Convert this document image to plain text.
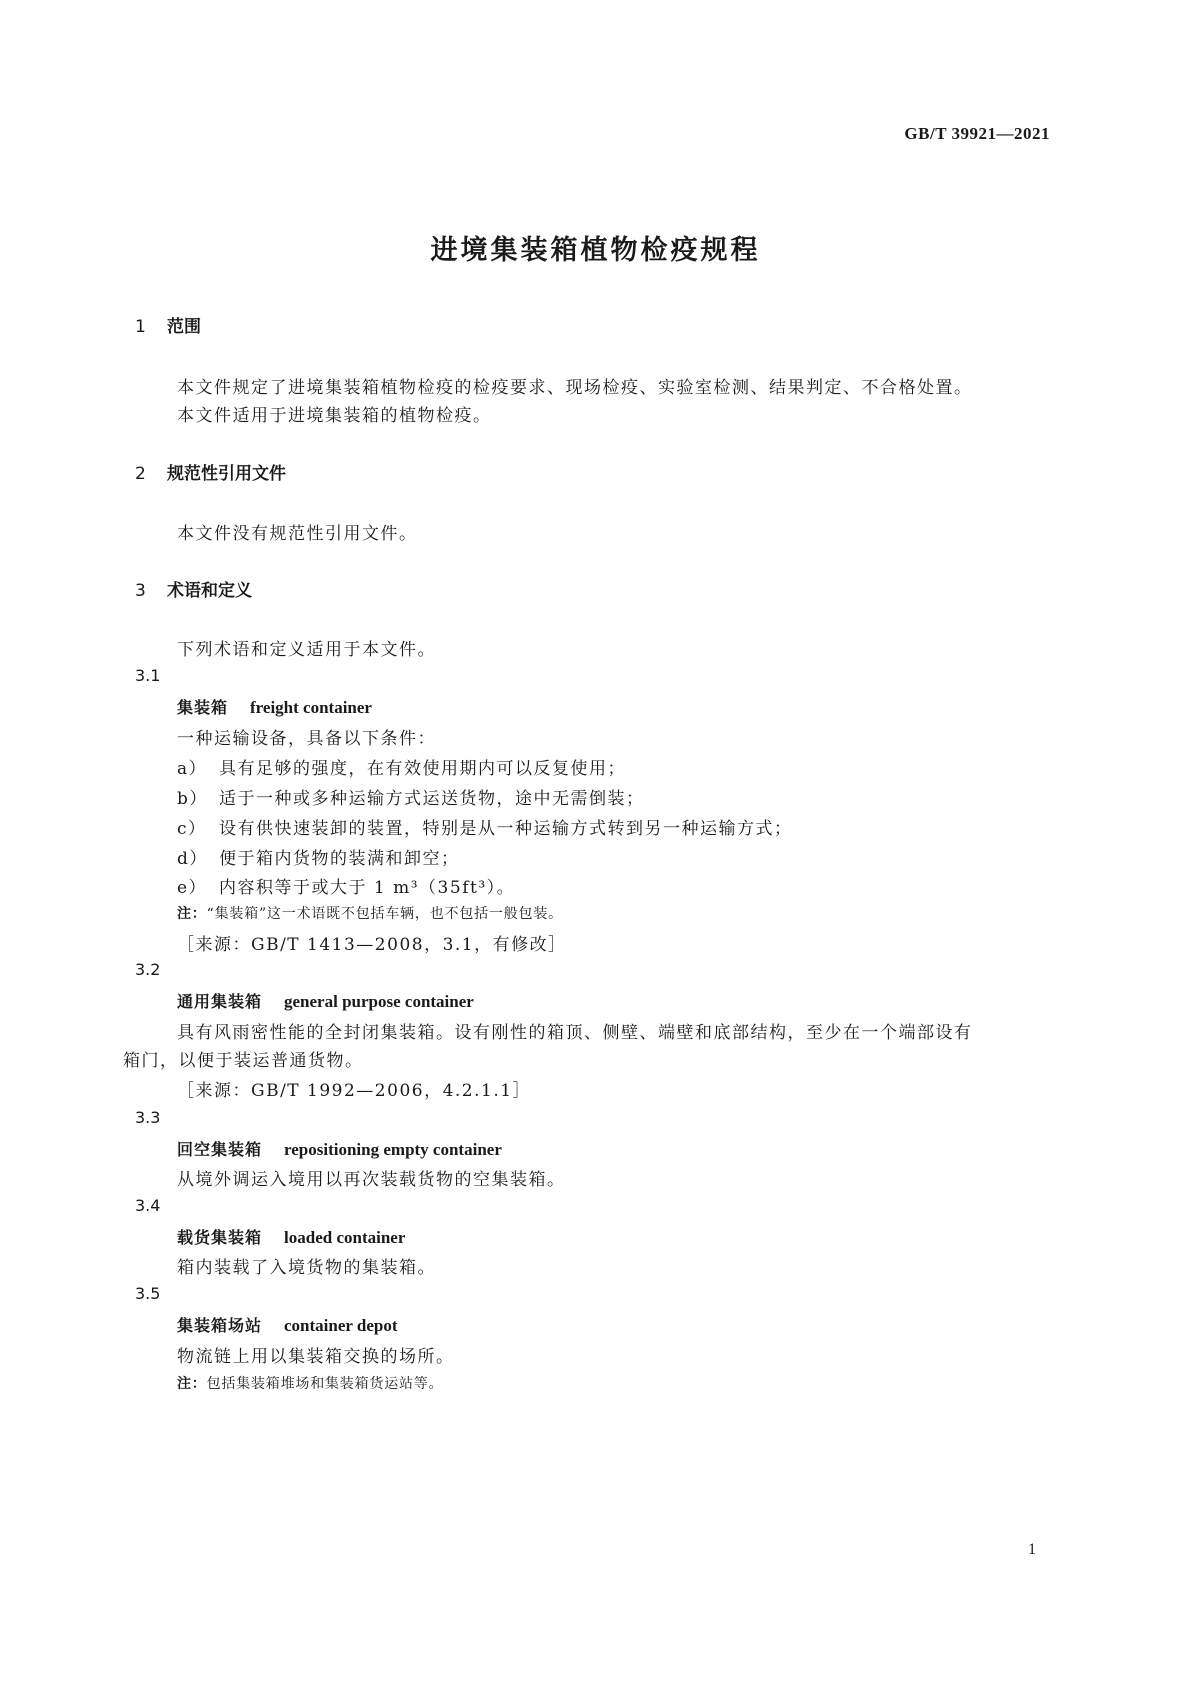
GB/T 39921—2021
进境集装箱植物检疫规程
1 范围
本文件规定了进境集装箱植物检疫的检疫要求、现场检疫、实验室检测、结果判定、不合格处置。
本文件适用于进境集装箱的植物检疫。
2 规范性引用文件
本文件没有规范性引用文件。
3 术语和定义
下列术语和定义适用于本文件。
3.1
集装箱 freight container
一种运输设备，具备以下条件：
a） 具有足够的强度，在有效使用期内可以反复使用；
b） 适于一种或多种运输方式运送货物，途中无需倒装；
c） 设有供快速装卸的装置，特别是从一种运输方式转到另一种运输方式；
d） 便于箱内货物的装满和卸空；
e） 内容积等于或大于 1 m³（35ft³）。
注：“集装箱”这一术语既不包括车辆，也不包括一般包装。
［来源：GB/T 1413—2008，3.1，有修改］
3.2
通用集装箱 general purpose container
具有风雨密性能的全封闭集装箱。设有刚性的箱顶、侧壁、端壁和底部结构，至少在一个端部设有
箱门，以便于装运普通货物。
［来源：GB/T 1992—2006，4.2.1.1］
3.3
回空集装箱 repositioning empty container
从境外调运入境用以再次装载货物的空集装箱。
3.4
载货集装箱 loaded container
箱内装载了入境货物的集装箱。
3.5
集装箱场站 container depot
物流链上用以集装箱交换的场所。
注：包括集装箱堆场和集装箱货运站等。
1
